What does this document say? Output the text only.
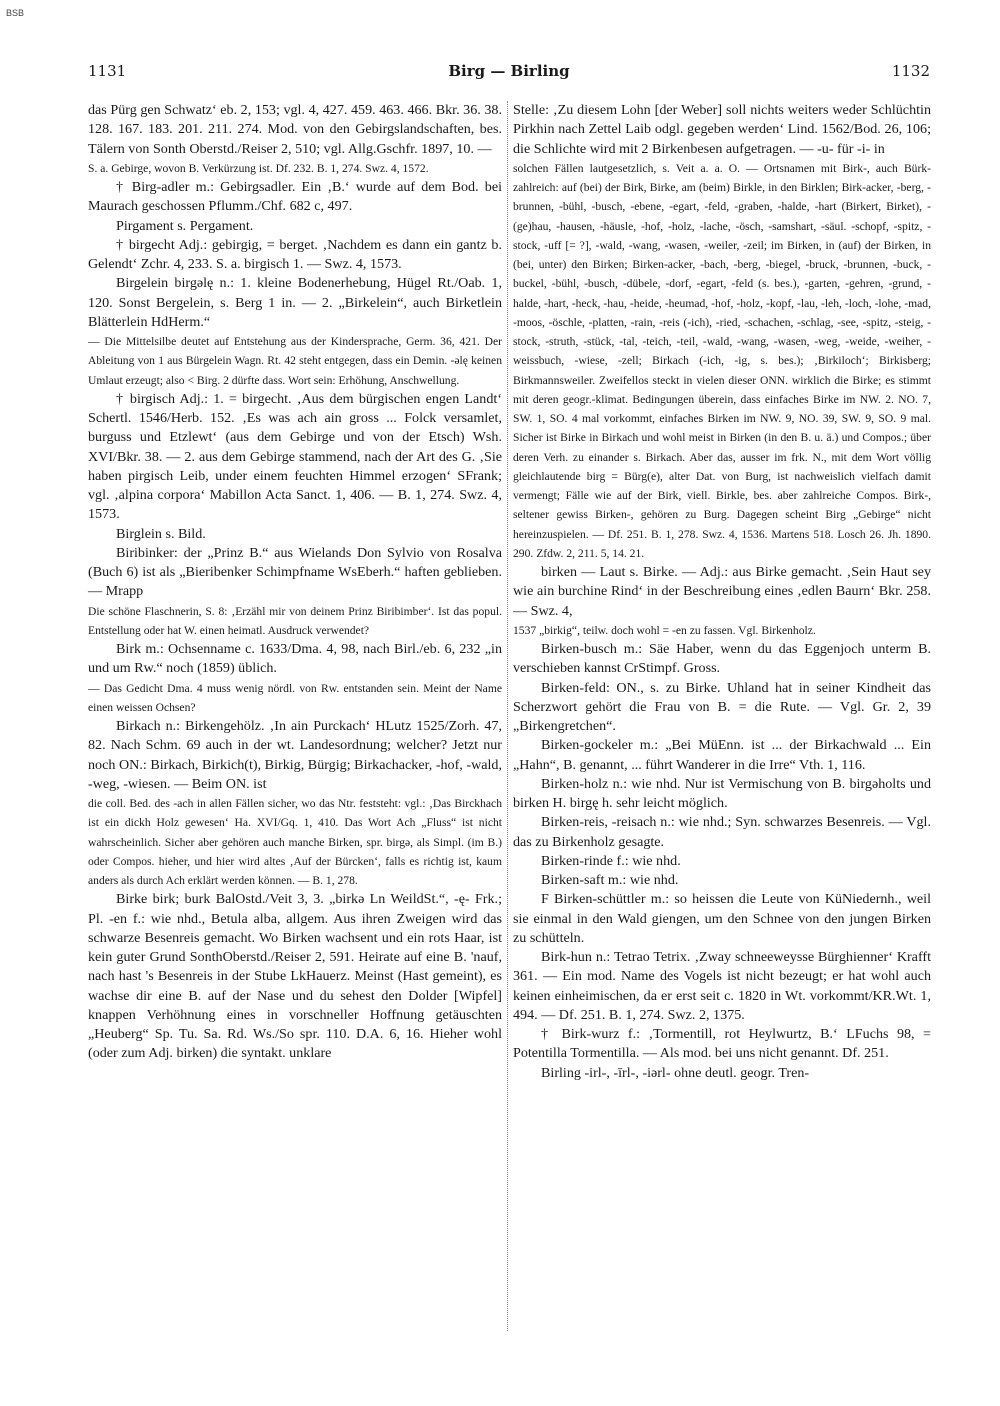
BSB
1131	Birg — Birling	1132

das Pürg gen Schwatz‘ eb. 2, 153; vgl. 4, 427. 459. 463. 466. Bkr. 36. 38. 128. 167. 183. 201. 211. 274. Mod. von den Gebirgslandschaften, bes. Tälern von Sonth Oberstd./Reiser 2, 510; vgl. Allg.Gschfr. 1897, 10. —

S. a. Gebirge, wovon B. Verkürzung ist. Df. 232. B. 1, 274. Swz. 4, 1572.

† Birg-adler m.: Gebirgsadler. Ein ‚B.‘ wurde auf dem Bod. bei Maurach geschossen Pflumm./Chf. 682 c, 497.

Pirgament s. Pergament.

† birgecht Adj.: gebirgig, = berget. ‚Nachdem es dann ein gantz b. Gelendt‘ Zchr. 4, 233. S. a. birgisch 1. — Swz. 4, 1573.

Birgelein birgәlę n.: 1. kleine Bodenerhebung, Hügel Rt./Oab. 1, 120. Sonst Bergelein, s. Berg 1 in. — 2. „Birkelein“, auch Birketlein Blätterlein HdHerm.“

— Die Mittelsilbe deutet auf Entstehung aus der Kindersprache, Germ. 36, 421. Der Ableitung von 1 aus Bürgelein Wagn. Rt. 42 steht entgegen, dass ein Demin. -әlę keinen Umlaut erzeugt; also < Birg. 2 dürfte dass. Wort sein: Erhöhung, Anschwellung.

† birgisch Adj.: 1. = birgecht. ‚Aus dem bürgischen engen Landt‘ Schertl. 1546/Herb. 152. ‚Es was ach ain gross ... Folck versamlet, burguss und Etzlewt‘ (aus dem Gebirge und von der Etsch) Wsh. XVI/Bkr. 38. — 2. aus dem Gebirge stammend, nach der Art des G. ‚Sie haben pirgisch Leib, under einem feuchten Himmel erzogen‘ SFrank; vgl. ‚alpina corpora‘ Mabillon Acta Sanct. 1, 406. — B. 1, 274. Swz. 4, 1573.

Birglein s. Bild.

Biribinker: der „Prinz B.“ aus Wielands Don Sylvio von Rosalva (Buch 6) ist als „Bieribenker Schimpfname WsEberh.“ haften geblieben. — Mrapp

Die schöne Flaschnerin, S. 8: ‚Erzähl mir von deinem Prinz Biribimber‘. Ist das popul. Entstellung oder hat W. einen heimatl. Ausdruck verwendet?

Birk m.: Ochsenname c. 1633/Dma. 4, 98, nach Birl./eb. 6, 232 „in und um Rw.“ noch (1859) üblich.

— Das Gedicht Dma. 4 muss wenig nördl. von Rw. entstanden sein. Meint der Name einen weissen Ochsen?

Birkach n.: Birkengehölz. ‚In ain Purckach‘ HLutz 1525/Zorh. 47, 82. Nach Schm. 69 auch in der wt. Landesordnung; welcher? Jetzt nur noch ON.: Birkach, Birkich(t), Birkig, Bürgig; Birkachacker, -hof, -wald, -weg, -wiesen. — Beim ON. ist

die coll. Bed. des -ach in allen Fällen sicher, wo das Ntr. feststeht: vgl.: ‚Das Birckhach ist ein dickh Holz gewesen‘ Ha. XVI/Gq. 1, 410. Das Wort Ach „Fluss“ ist nicht wahrscheinlich. Sicher aber gehören auch manche Birken, spr. birgә, als Simpl. (im B.) oder Compos. hieher, und hier wird altes ‚Auf der Bürcken‘, falls es richtig ist, kaum anders als durch Ach erklärt werden können. — B. 1, 278.

Birke birk; burk BalOstd./Veit 3, 3. „birkә Ln WeildSt.“, -ę- Frk.; Pl. -en f.: wie nhd., Betula alba, allgem. Aus ihren Zweigen wird das schwarze Besenreis gemacht. Wo Birken wachsent und ein rots Haar, ist kein guter Grund SonthOberstd./Reiser 2, 591. Heirate auf eine B. 'nauf, nach hast 's Besenreis in der Stube LkHauerz. Meinst (Hast gemeint), es wachse dir eine B. auf der Nase und du sehest den Dolder [Wipfel] knappen Verhöhnung eines in vorschneller Hoffnung getäuschten „Heuberg“ Sp. Tu. Sa. Rd. Ws./So spr. 110. D.A. 6, 16. Hieher wohl (oder zum Adj. birken) die syntakt. unklare

Stelle: ‚Zu diesem Lohn [der Weber] soll nichts weiters weder Schlüchtin Pirkhin nach Zettel Laib odgl. gegeben werden‘ Lind. 1562/Bod. 26, 106; die Schlichte wird mit 2 Birkenbesen aufgetragen. — -u- für -i- in

solchen Fällen lautgesetzlich, s. Veit a. a. O. — Ortsnamen mit Birk-, auch Bürk- zahlreich: auf (bei) der Birk, Birke, am (beim) Birkle, in den Birklen; Birk-acker, -berg, -brunnen, -bühl, -busch, -ebene, -egart, -feld, -graben, -halde, -hart (Birkert, Birket), -(ge)hau, -hausen, -häusle, -hof, -holz, -lache, -ösch, -samshart, -säul. -schopf, -spitz, -stock, -uff [= ?], -wald, -wang, -wasen, -weiler, -zeil; im Birken, in (auf) der Birken, in (bei, unter) den Birken; Birken-acker, -bach, -berg, -biegel, -bruck, -brunnen, -buck, -buckel, -bühl, -busch, -dübele, -dorf, -egart, -feld (s. bes.), -garten, -gehren, -grund, -halde, -hart, -heck, -hau, -heide, -heumad, -hof, -holz, -kopf, -lau, -leh, -loch, -lohe, -mad, -moos, -öschle, -platten, -rain, -reis (-ich), -ried, -schachen, -schlag, -see, -spitz, -steig, -stock, -struth, -stück, -tal, -teich, -teil, -wald, -wang, -wasen, -weg, -weide, -weiher, -weissbuch, -wiese, -zell; Birkach (-ich, -ig, s. bes.); ‚Birkiloch‘; Birkisberg; Birkmannsweiler. Zweifellos steckt in vielen dieser ONN. wirklich die Birke; es stimmt mit deren geogr.-klimat. Bedingungen überein, dass einfaches Birke im NW. 2. NO. 7, SW. 1, SO. 4 mal vorkommt, einfaches Birken im NW. 9, NO. 39, SW. 9, SO. 9 mal. Sicher ist Birke in Birkach und wohl meist in Birken (in den B. u. ä.) und Compos.; über deren Verh. zu einander s. Birkach. Aber das, ausser im frk. N., mit dem Wort völlig gleichlautende birg = Bürg(e), alter Dat. von Burg, ist nachweislich vielfach damit vermengt; Fälle wie auf der Birk, viell. Birkle, bes. aber zahlreiche Compos. Birk-, seltener gewiss Birken-, gehören zu Burg. Dagegen scheint Birg „Gebirge“ nicht hereinzuspielen. — Df. 251. B. 1, 278. Swz. 4, 1536. Martens 518. Losch 26. Jh. 1890. 290. Zfdw. 2, 211. 5, 14. 21.

birken — Laut s. Birke. — Adj.: aus Birke gemacht. ‚Sein Haut sey wie ain burchine Rind‘ in der Beschreibung eines ‚edlen Baurn‘ Bkr. 258. — Swz. 4,

1537 „birkig“, teilw. doch wohl = -en zu fassen. Vgl. Birkenholz.

Birken-busch m.: Säe Haber, wenn du das Eggenjoch unterm B. verschieben kannst CrStimpf. Gross.

Birken-feld: ON., s. zu Birke. Uhland hat in seiner Kindheit das Scherzwort gehört die Frau von B. = die Rute. — Vgl. Gr. 2, 39 „Birkengretchen“.

Birken-gockeler m.: „Bei MüEnn. ist ... der Birkachwald ... Ein „Hahn“, B. genannt, ... führt Wanderer in die Irre“ Vth. 1, 116.

Birken-holz n.: wie nhd. Nur ist Vermischung von B. birgәholts und birken H. birgę h. sehr leicht möglich.

Birken-reis, -reisach n.: wie nhd.; Syn. schwarzes Besenreis. — Vgl. das zu Birkenholz gesagte.

Birken-rinde f.: wie nhd.

Birken-saft m.: wie nhd.

F Birken-schüttler m.: so heissen die Leute von KüNiedernh., weil sie einmal in den Wald giengen, um den Schnee von den jungen Birken zu schütteln.

Birk-hun n.: Tetrao Tetrix. ‚Zway schneeweysse Bürghienner‘ Krafft 361. — Ein mod. Name des Vogels ist nicht bezeugt; er hat wohl auch keinen einheimischen, da er erst seit c. 1820 in Wt. vorkommt/KR.Wt. 1, 494. — Df. 251. B. 1, 274. Swz. 2, 1375.

† Birk-wurz f.: ‚Tormentill, rot Heylwurtz, B.‘ LFuchs 98, = Potentilla Tormentilla. — Als mod. bei uns nicht genannt. Df. 251.

Birling -irl-, -īrl-, -iәrl- ohne deutl. geogr. Tren-
